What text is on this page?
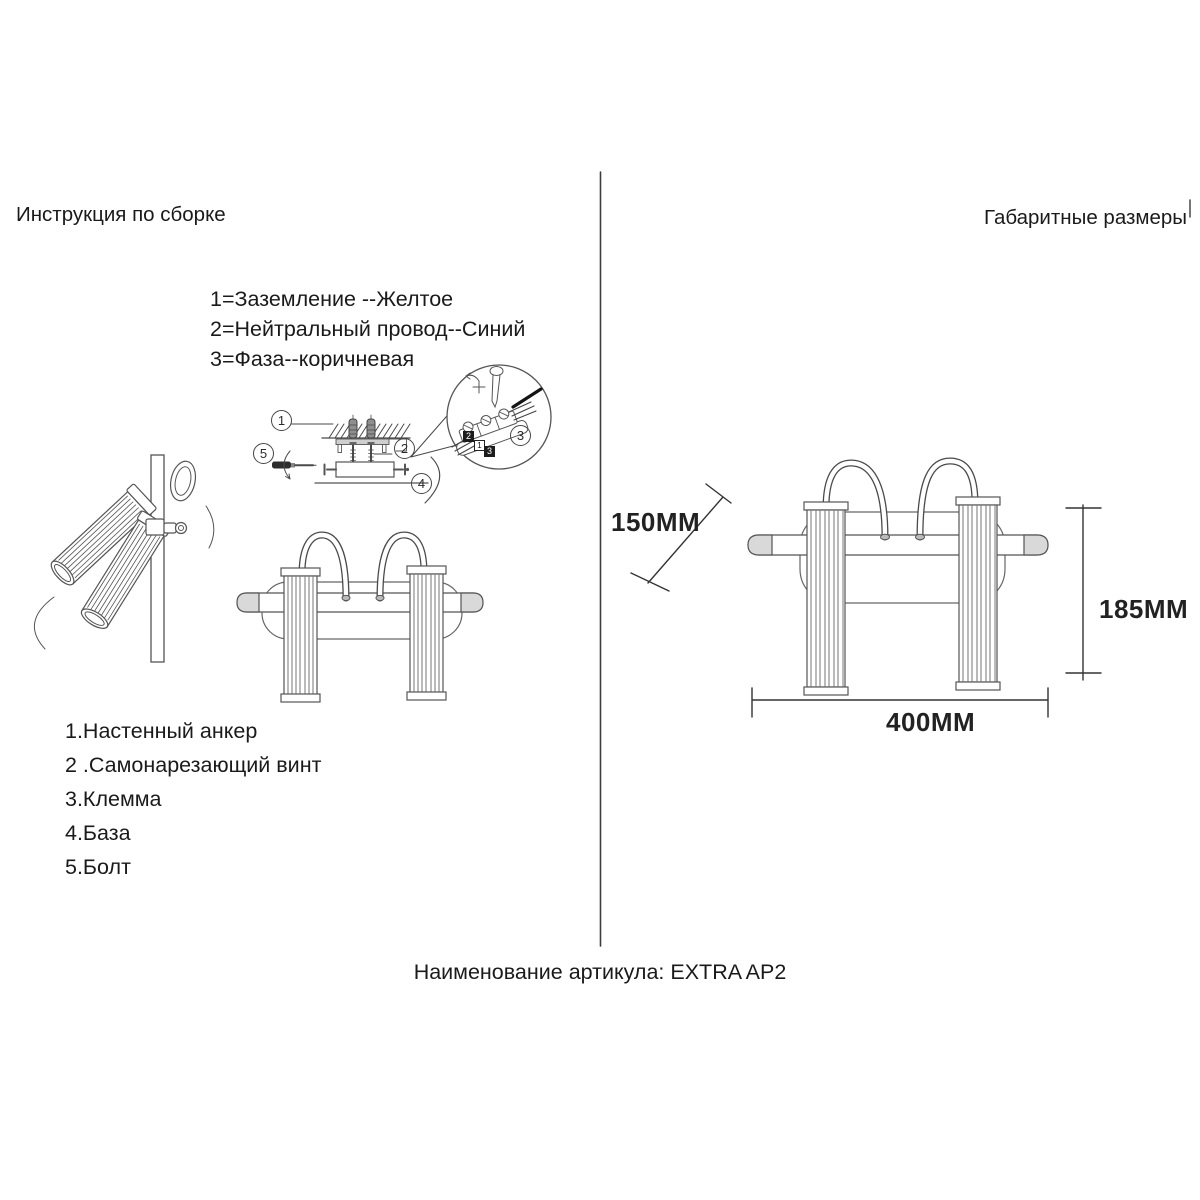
Инструкция по сборке	Габаритные размеры
1=Заземление --Желтое
2=Нейтральный провод--Синий
3=Фаза--коричневая
1.Настенный анкер
2 .Самонарезающий винт
3.Клемма
4.База
5.Болт
1
2
3
4
5
2
1
3
150MM
185MM
400MM
Наименование артикула: EXTRA AP2
